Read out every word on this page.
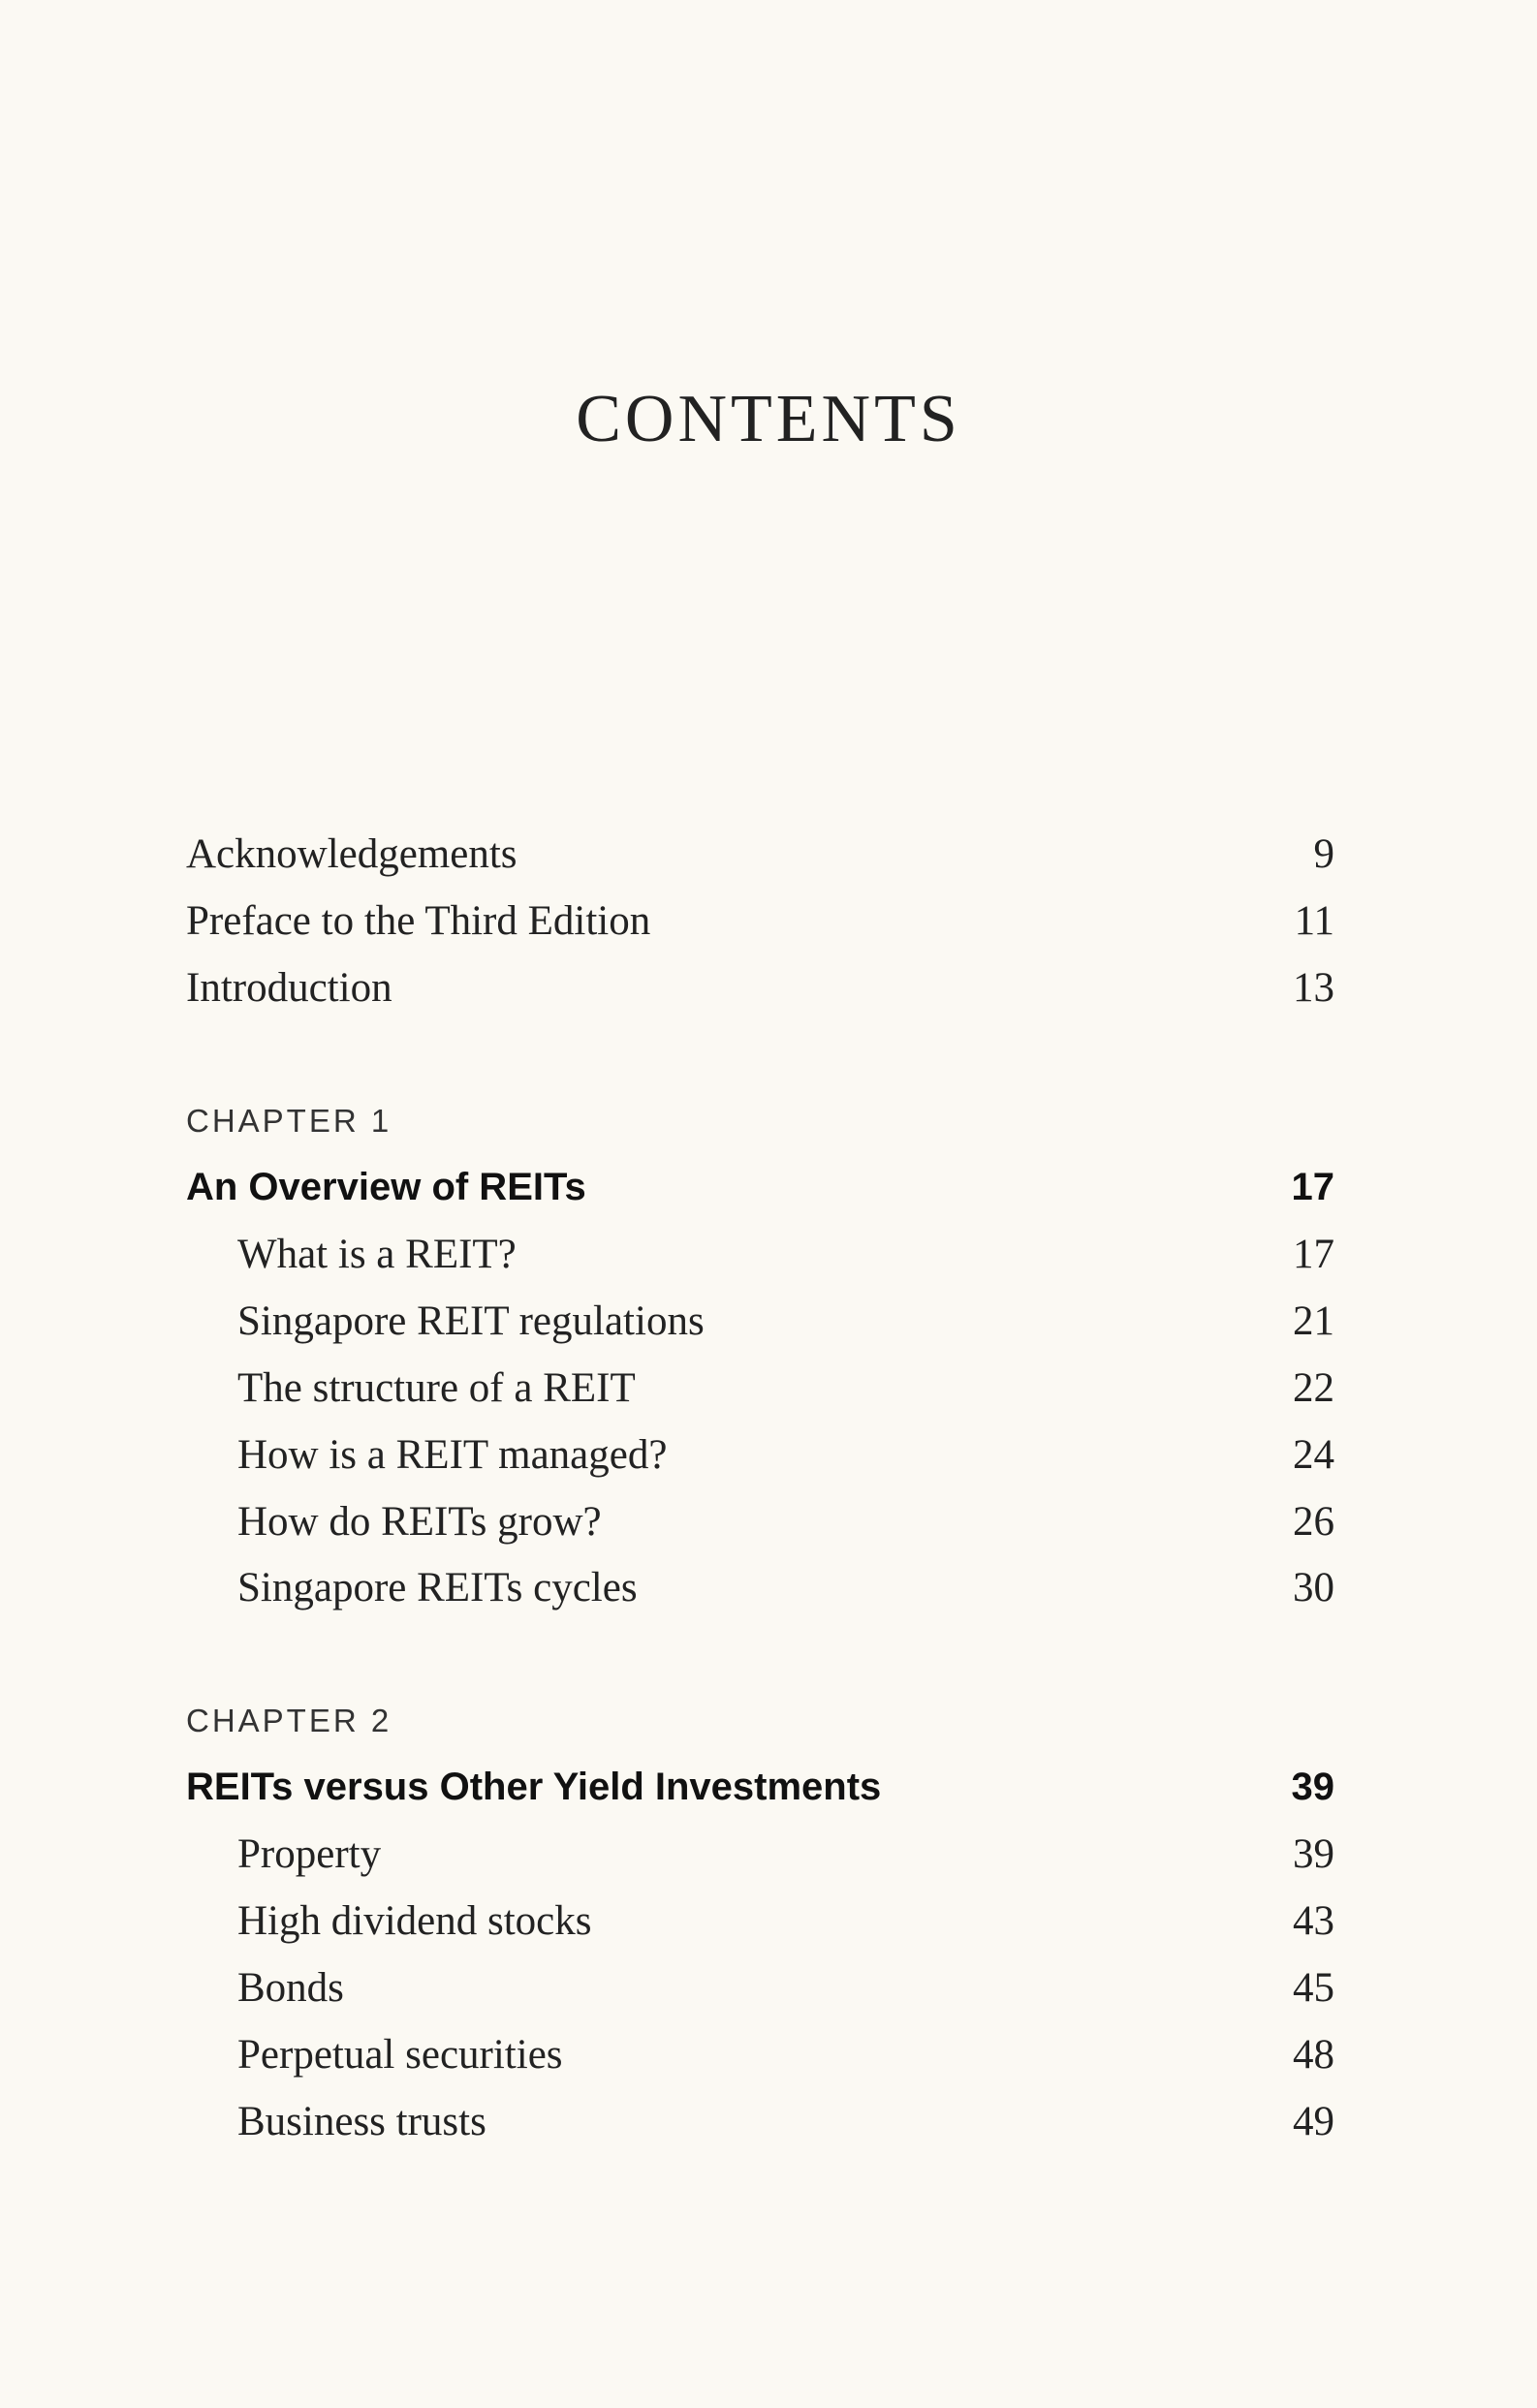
CONTENTS
Acknowledgements	9
Preface to the Third Edition	11
Introduction	13
CHAPTER 1
An Overview of REITs	17
What is a REIT?	17
Singapore REIT regulations	21
The structure of a REIT	22
How is a REIT managed?	24
How do REITs grow?	26
Singapore REITs cycles	30
CHAPTER 2
REITs versus Other Yield Investments	39
Property	39
High dividend stocks	43
Bonds	45
Perpetual securities	48
Business trusts	49
